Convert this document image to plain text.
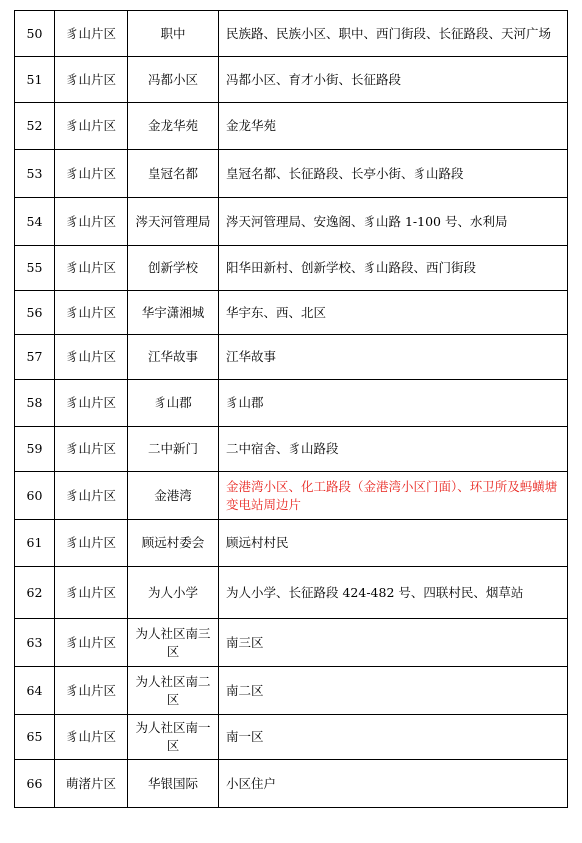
50	豸山片区	职中	民族路、民族小区、职中、西门街段、长征路段、天河广场
51	豸山片区	冯都小区	冯都小区、育才小街、长征路段
52	豸山片区	金龙华苑	金龙华苑
53	豸山片区	皇冠名都	皇冠名都、长征路段、长亭小街、豸山路段
54	豸山片区	涔天河管理局	涔天河管理局、安逸阁、豸山路 1-100 号、水利局
55	豸山片区	创新学校	阳华田新村、创新学校、豸山路段、西门街段
56	豸山片区	华宇潇湘城	华宇东、西、北区
57	豸山片区	江华故事	江华故事
58	豸山片区	豸山郡	豸山郡
59	豸山片区	二中新门	二中宿舍、豸山路段
60	豸山片区	金港湾	金港湾小区、化工路段（金港湾小区门面）、环卫所及蚂蟥塘变电站周边片
61	豸山片区	顾远村委会	顾远村村民
62	豸山片区	为人小学	为人小学、长征路段 424-482 号、四联村民、烟草站
63	豸山片区	为人社区南三区	南三区
64	豸山片区	为人社区南二区	南二区
65	豸山片区	为人社区南一区	南一区
66	萌渚片区	华银国际	小区住户
